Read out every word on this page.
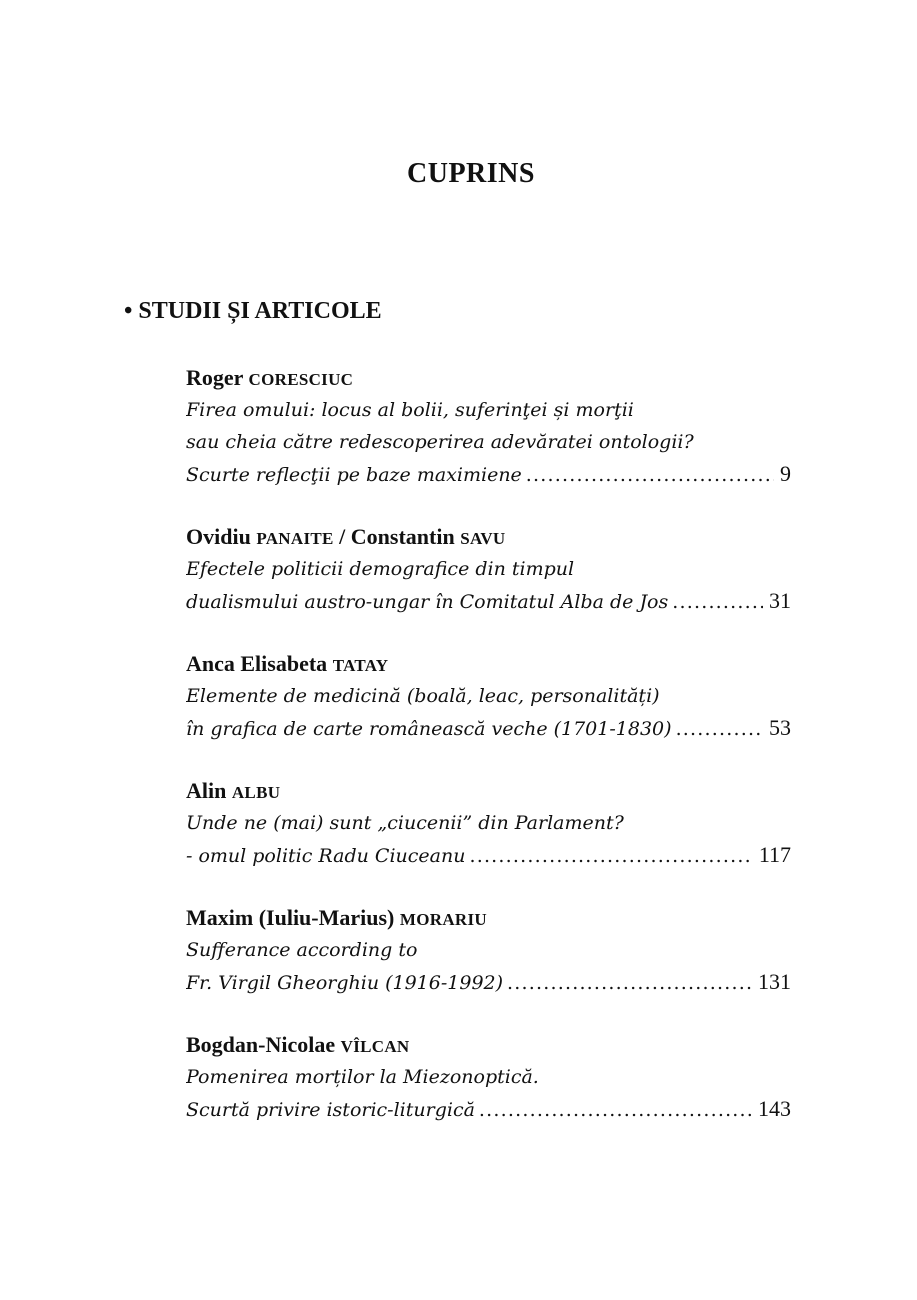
CUPRINS
• STUDII ȘI ARTICOLE
Roger CORESCIUC
Firea omului: locus al bolii, suferinţei și morţii
sau cheia către redescoperirea adevăratei ontologii?
Scurte reflecţii pe baze maximiene .....	9
Ovidiu PANAITE / Constantin SAVU
Efectele politicii demografice din timpul
dualismului austro-ungar în Comitatul Alba de Jos .....	31
Anca Elisabeta TATAY
Elemente de medicină (boală, leac, personalități)
în grafica de carte românească veche (1701-1830) .....	53
Alin ALBU
Unde ne (mai) sunt „ciucenii” din Parlament?
- omul politic Radu Ciuceanu .....	117
Maxim (Iuliu-Marius) MORARIU
Sufferance according to
Fr. Virgil Gheorghiu (1916-1992) .....	131
Bogdan-Nicolae VÎLCAN
Pomenirea morților la Miezonoptică.
Scurtă privire istoric-liturgică .....	143
